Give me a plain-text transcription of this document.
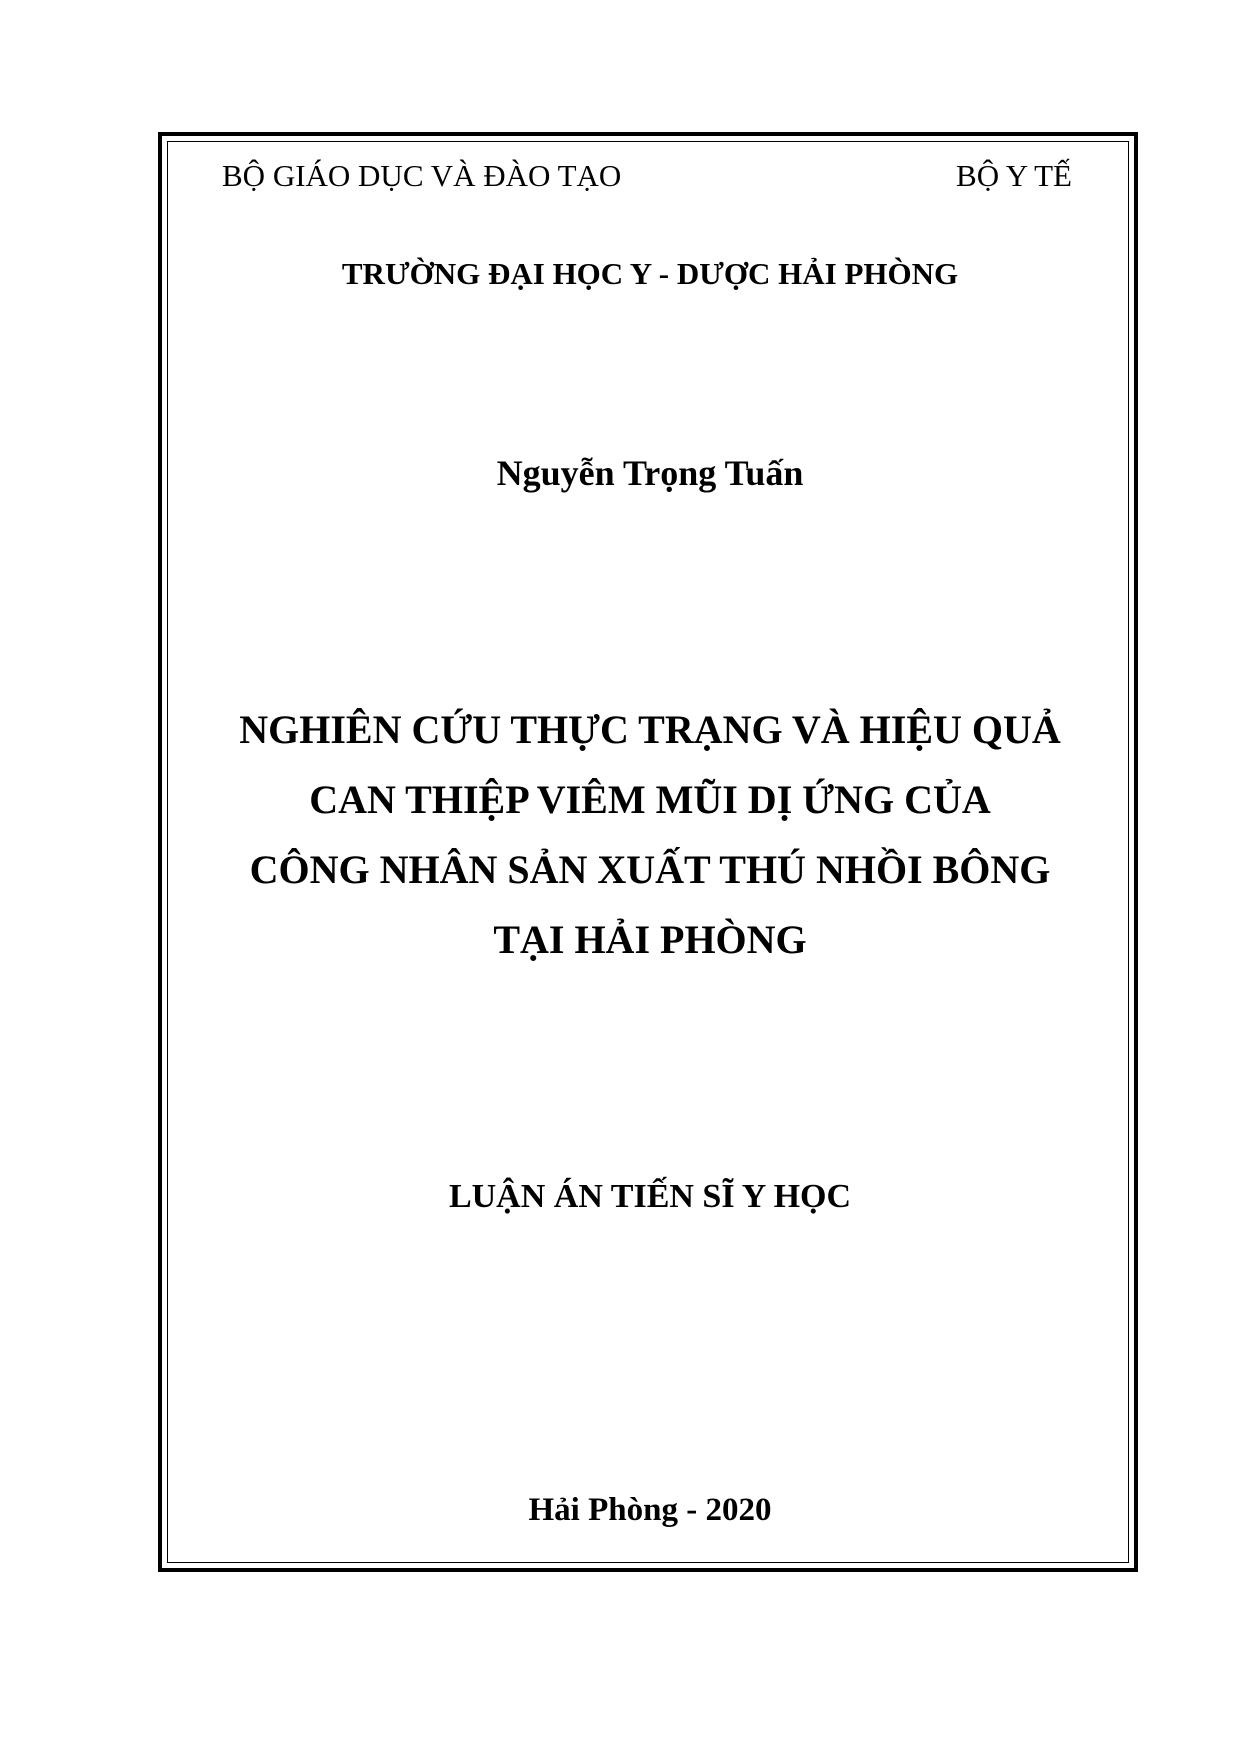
BỘ GIÁO DỤC VÀ ĐÀO TẠO	BỘ Y TẾ
TRƯỜNG ĐẠI HỌC Y - DƯỢC HẢI PHÒNG
Nguyễn Trọng Tuấn
NGHIÊN CỨU THỰC TRẠNG VÀ HIỆU QUẢ
CAN THIỆP VIÊM MŨI DỊ ỨNG CỦA
CÔNG NHÂN SẢN XUẤT THÚ NHỒI BÔNG
TẠI HẢI PHÒNG
LUẬN ÁN TIẾN SĨ Y HỌC
Hải Phòng - 2020
